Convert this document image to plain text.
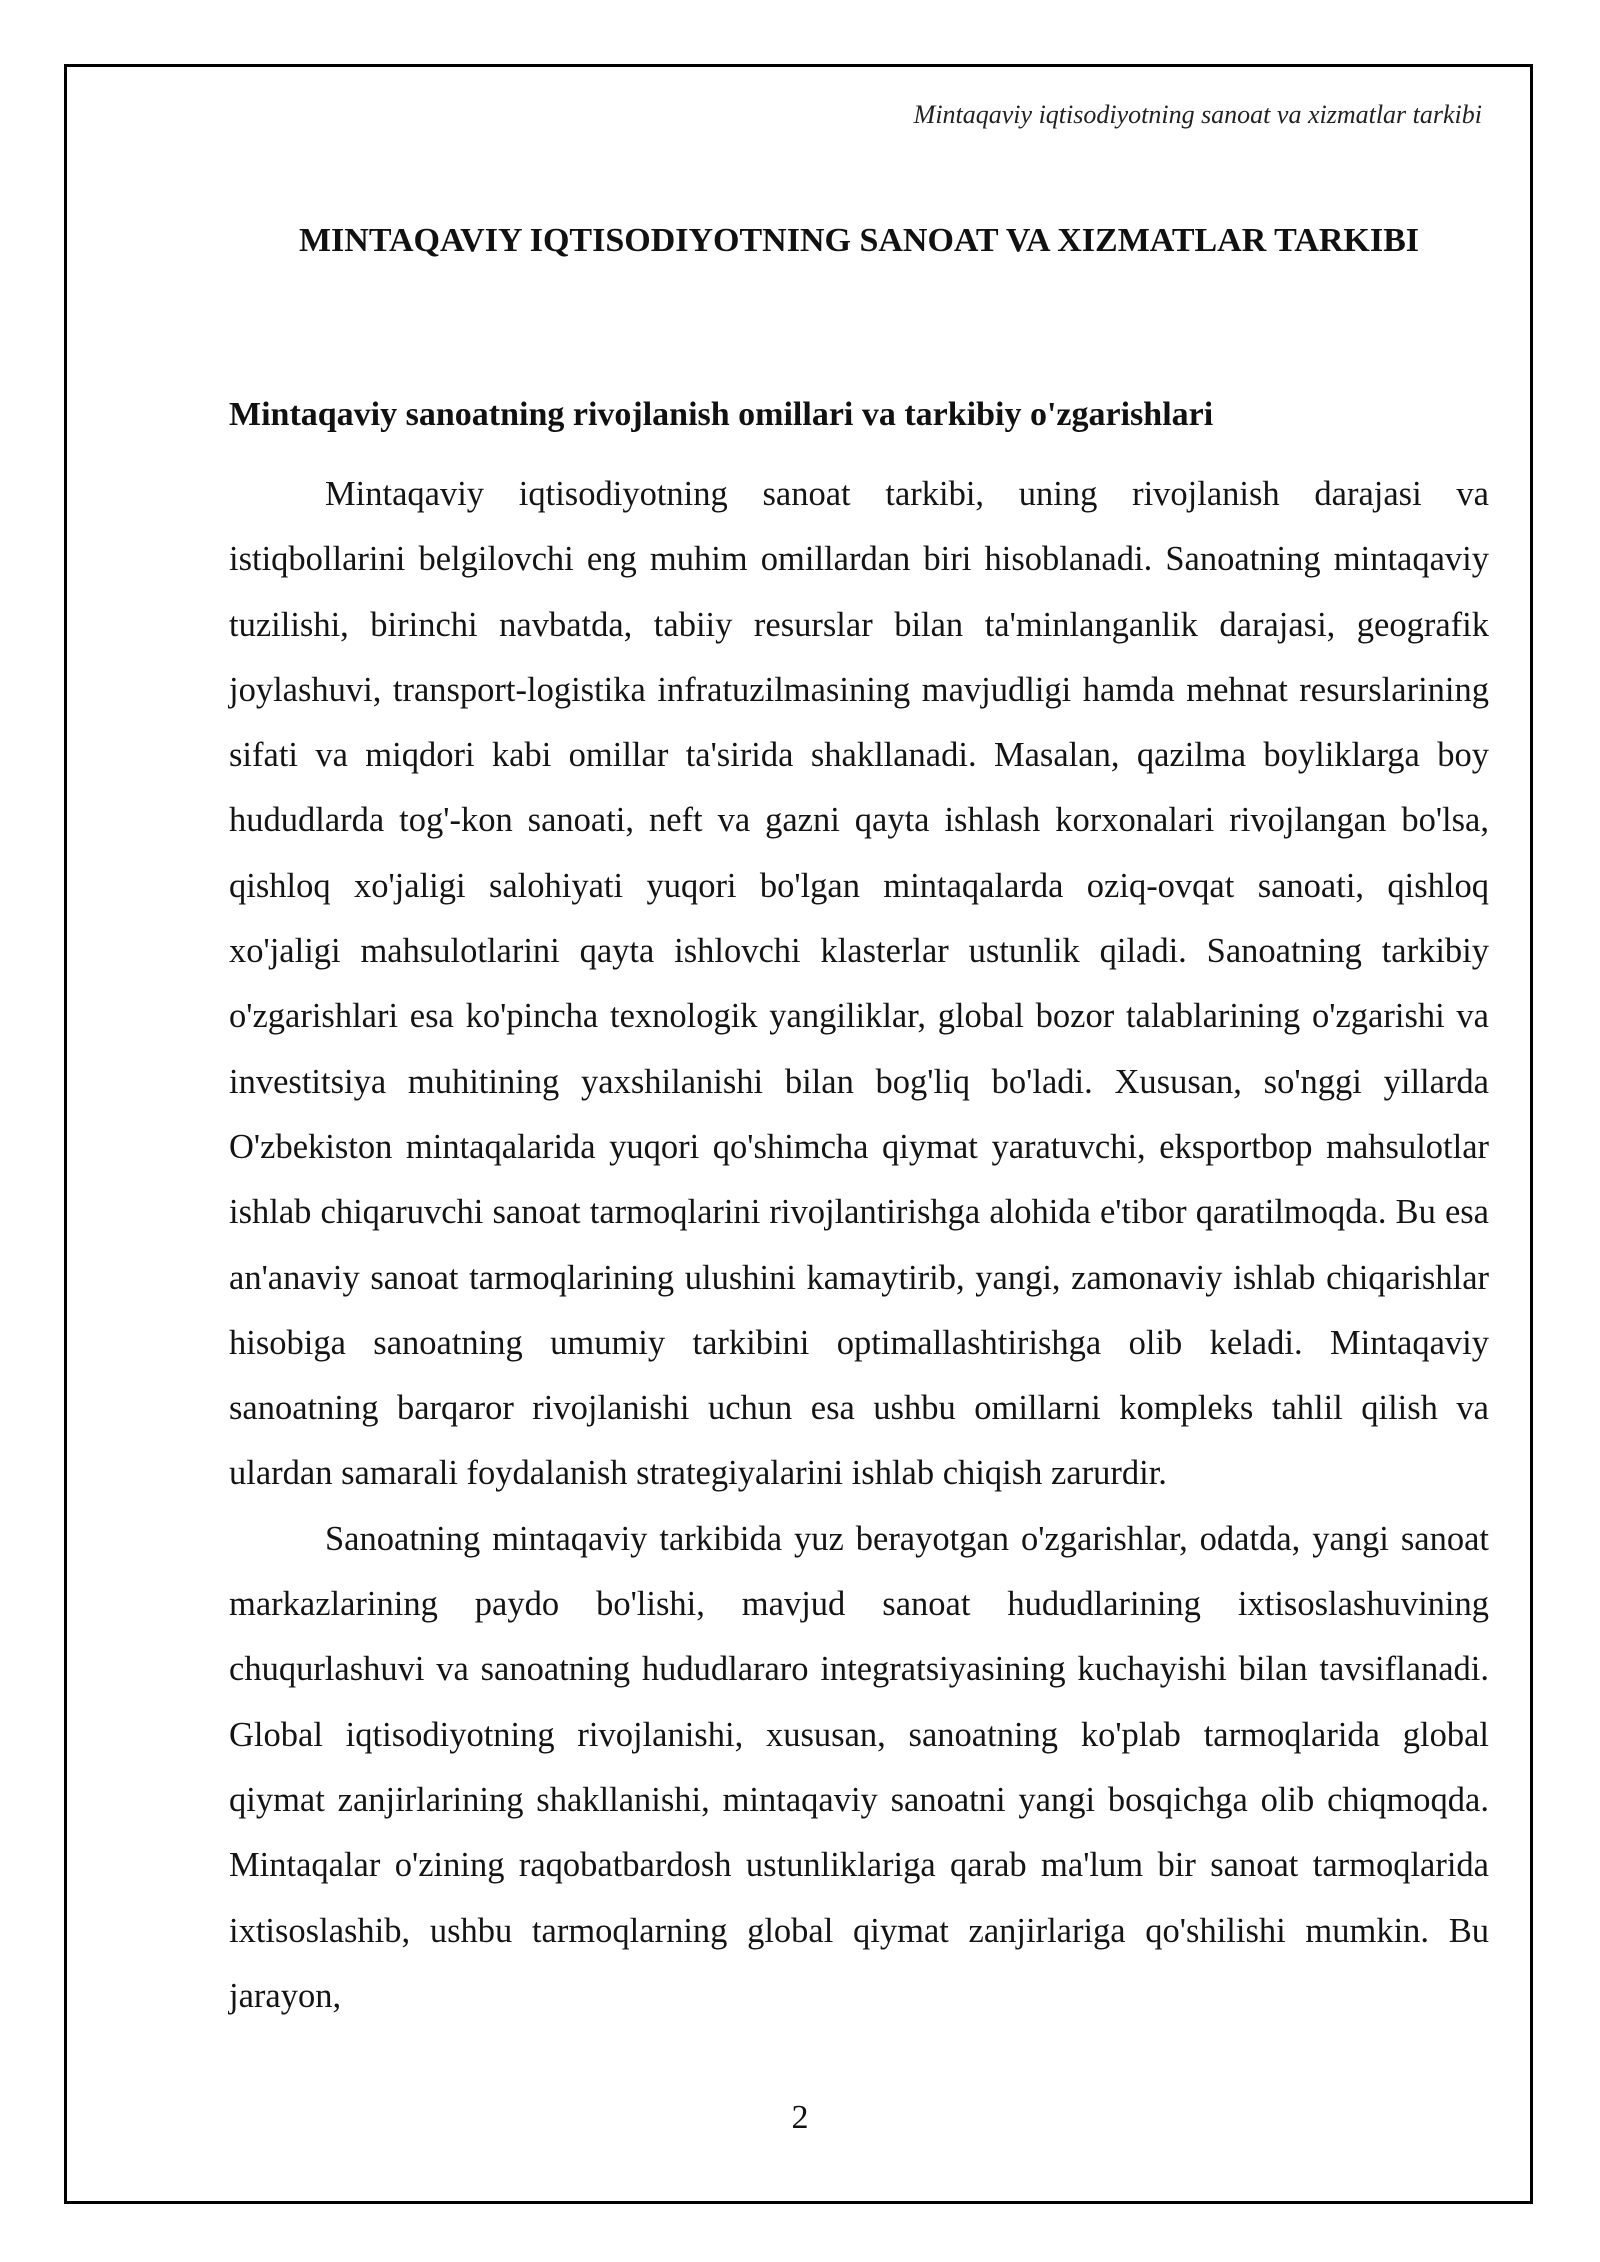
Mintaqaviy iqtisodiyotning sanoat va xizmatlar tarkibi
MINTAQAVIY IQTISODIYOTNING SANOAT VA XIZMATLAR TARKIBI
Mintaqaviy sanoatning rivojlanish omillari va tarkibiy o'zgarishlari

Mintaqaviy iqtisodiyotning sanoat tarkibi, uning rivojlanish darajasi va istiqbollarini belgilovchi eng muhim omillardan biri hisoblanadi. Sanoatning mintaqaviy tuzilishi, birinchi navbatda, tabiiy resurslar bilan ta'minlanganlik darajasi, geografik joylashuvi, transport-logistika infratuzilmasining mavjudligi hamda mehnat resurslarining sifati va miqdori kabi omillar ta'sirida shakllanadi. Masalan, qazilma boyliklarga boy hududlarda tog'-kon sanoati, neft va gazni qayta ishlash korxonalari rivojlangan bo'lsa, qishloq xo'jaligi salohiyati yuqori bo'lgan mintaqalarda oziq-ovqat sanoati, qishloq xo'jaligi mahsulotlarini qayta ishlovchi klasterlar ustunlik qiladi. Sanoatning tarkibiy o'zgarishlari esa ko'pincha texnologik yangiliklar, global bozor talablarining o'zgarishi va investitsiya muhitining yaxshilanishi bilan bog'liq bo'ladi. Xususan, so'nggi yillarda O'zbekiston mintaqalarida yuqori qo'shimcha qiymat yaratuvchi, eksportbop mahsulotlar ishlab chiqaruvchi sanoat tarmoqlarini rivojlantirishga alohida e'tibor qaratilmoqda. Bu esa an'anaviy sanoat tarmoqlarining ulushini kamaytirib, yangi, zamonaviy ishlab chiqarishlar hisobiga sanoatning umumiy tarkibini optimallashtirishga olib keladi. Mintaqaviy sanoatning barqaror rivojlanishi uchun esa ushbu omillarni kompleks tahlil qilish va ulardan samarali foydalanish strategiyalarini ishlab chiqish zarurdir.

Sanoatning mintaqaviy tarkibida yuz berayotgan o'zgarishlar, odatda, yangi sanoat markazlarining paydo bo'lishi, mavjud sanoat hududlarining ixtisoslashuvining chuqurlashuvi va sanoatning hududlararo integratsiyasining kuchayishi bilan tavsiflanadi. Global iqtisodiyotning rivojlanishi, xususan, sanoatning ko'plab tarmoqlarida global qiymat zanjirlarining shakllanishi, mintaqaviy sanoatni yangi bosqichga olib chiqmoqda. Mintaqalar o'zining raqobatbardosh ustunliklariga qarab ma'lum bir sanoat tarmoqlarida ixtisoslashib, ushbu tarmoqlarning global qiymat zanjirlariga qo'shilishi mumkin. Bu jarayon,

2
